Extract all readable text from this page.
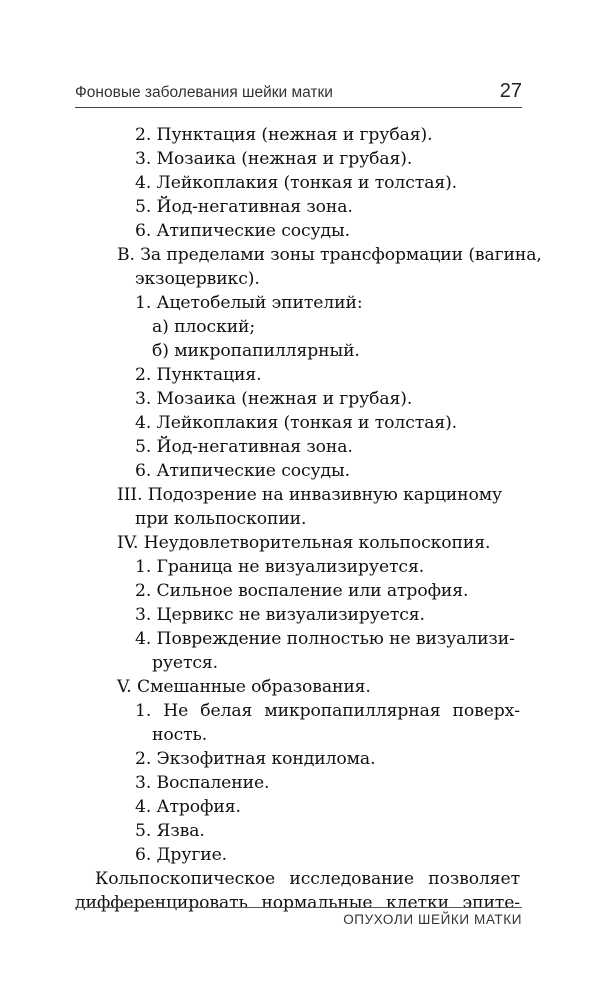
Фоновые заболевания шейки матки	27
2. Пунктация (нежная и грубая).
3. Мозаика (нежная и грубая).
4. Лейкоплакия (тонкая и толстая).
5. Йод-негативная зона.
6. Атипические сосуды.
В. За пределами зоны трансформации (вагина,
экзоцервикс).
1. Ацетобелый эпителий:
а) плоский;
б) микропапиллярный.
2. Пунктация.
3. Мозаика (нежная и грубая).
4. Лейкоплакия (тонкая и толстая).
5. Йод-негативная зона.
6. Атипические сосуды.
III. Подозрение на инвазивную карциному
при кольпоскопии.
IV. Неудовлетворительная кольпоскопия.
1. Граница не визуализируется.
2. Сильное воспаление или атрофия.
3. Цервикс не визуализируется.
4. Повреждение полностью не визуализи-
руется.
V. Смешанные образования.
1. Не белая микропапиллярная поверх-
ность.
2. Экзофитная кондилома.
3. Воспаление.
4. Атрофия.
5. Язва.
6. Другие.
Кольпоскопическое исследование позволяет
дифференцировать нормальные клетки эпите-
ОПУХОЛИ ШЕЙКИ МАТКИ
